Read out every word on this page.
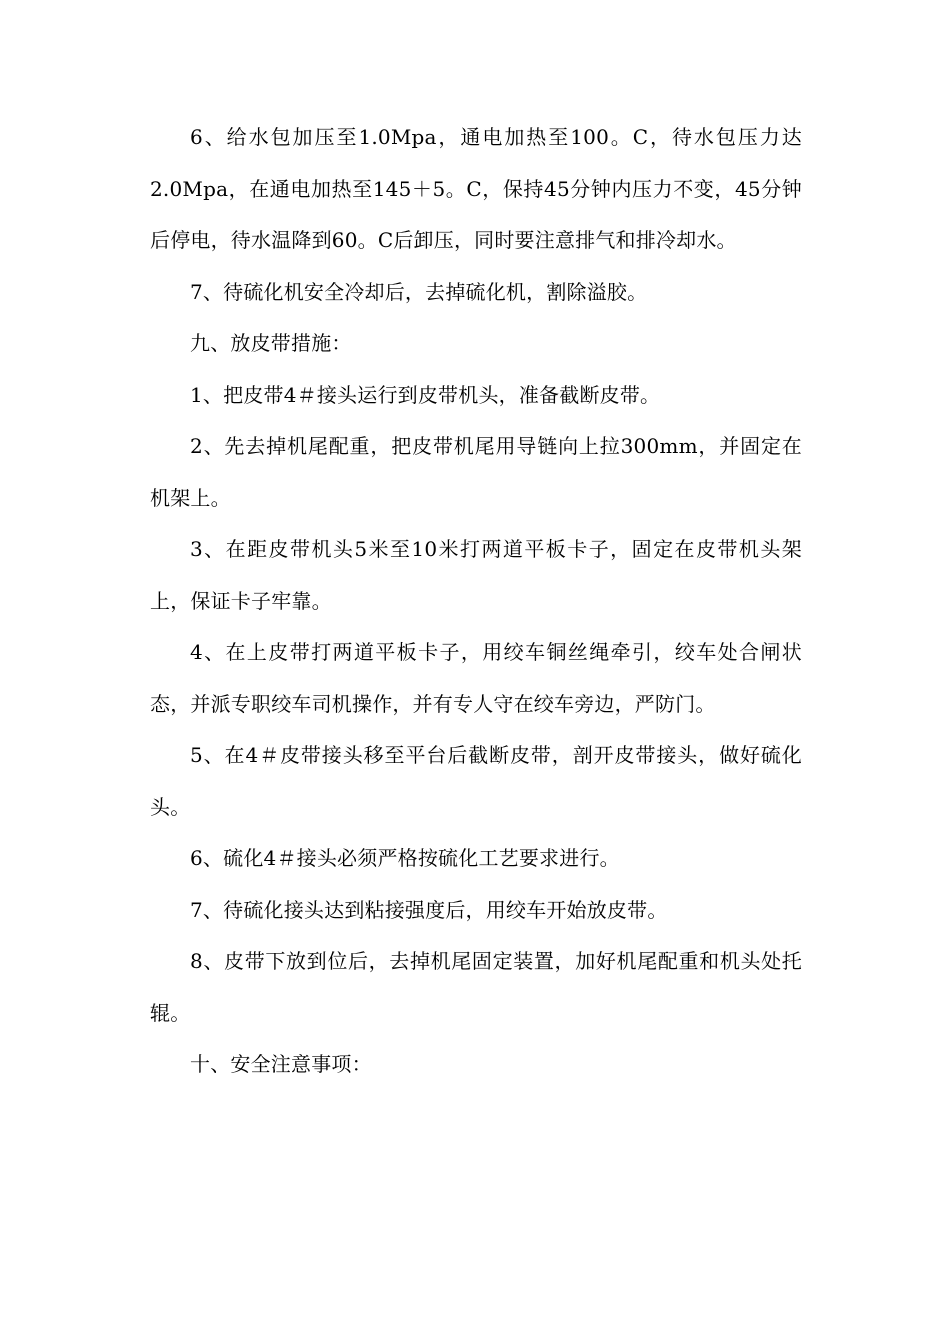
6、给水包加压至1.0Mpa，通电加热至100。C，待水包压力达2.0Mpa，在通电加热至145＋5。C，保持45分钟内压力不变，45分钟后停电，待水温降到60。C后卸压，同时要注意排气和排冷却水。

7、待硫化机安全冷却后，去掉硫化机，割除溢胶。

九、放皮带措施：

1、把皮带4＃接头运行到皮带机头，准备截断皮带。

2、先去掉机尾配重，把皮带机尾用导链向上拉300mm，并固定在机架上。

3、在距皮带机头5米至10米打两道平板卡子，固定在皮带机头架上，保证卡子牢靠。

4、在上皮带打两道平板卡子，用绞车铜丝绳牵引，绞车处合闸状态，并派专职绞车司机操作，并有专人守在绞车旁边，严防门。

5、在4＃皮带接头移至平台后截断皮带，剖开皮带接头，做好硫化头。

6、硫化4＃接头必须严格按硫化工艺要求进行。

7、待硫化接头达到粘接强度后，用绞车开始放皮带。

8、皮带下放到位后，去掉机尾固定装置，加好机尾配重和机头处托辊。

十、安全注意事项：
